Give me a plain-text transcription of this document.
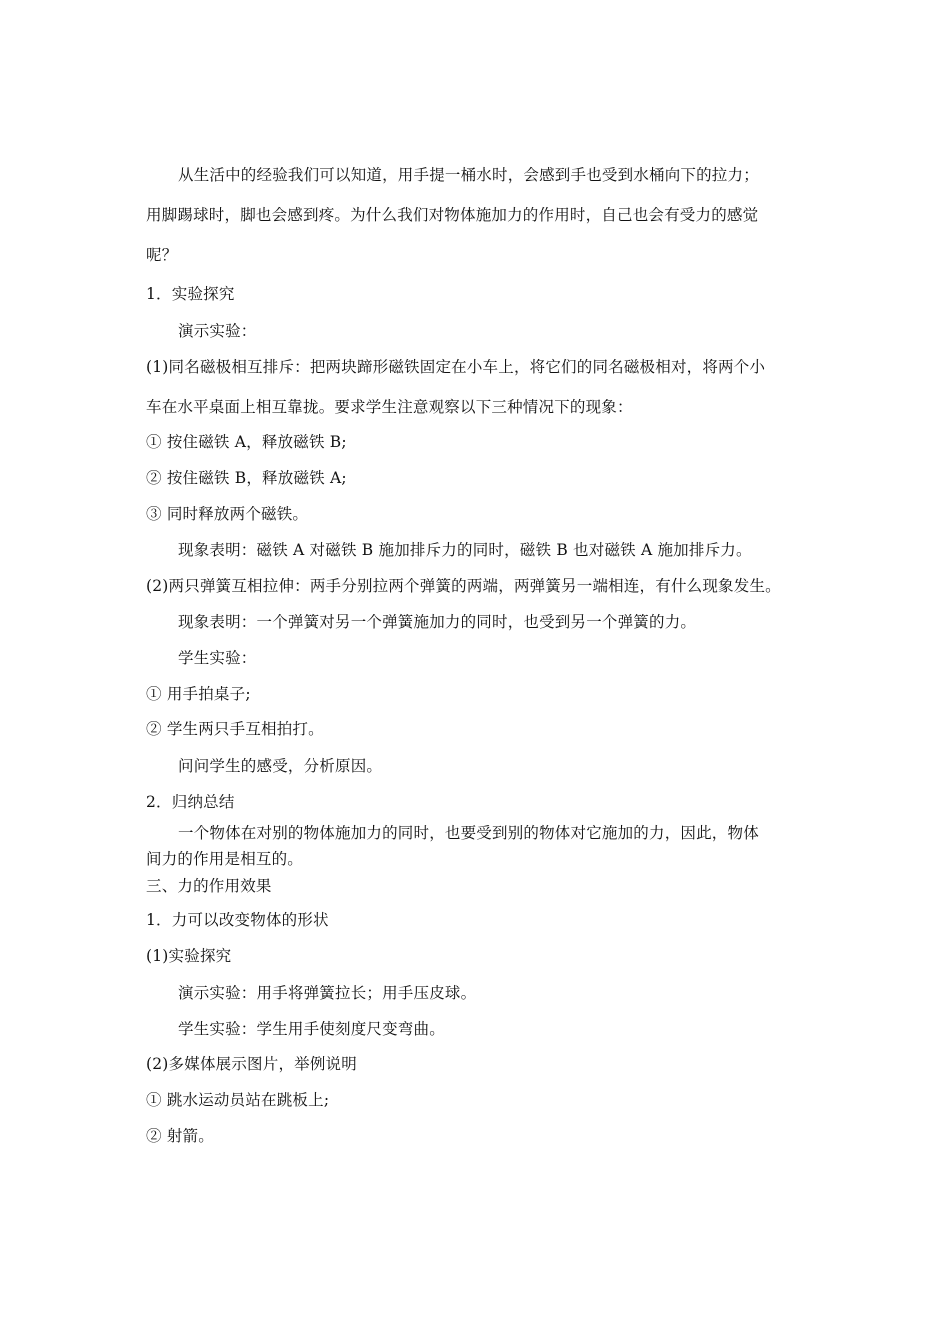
从生活中的经验我们可以知道，用手提一桶水时，会感到手也受到水桶向下的拉力；
用脚踢球时，脚也会感到疼。为什么我们对物体施加力的作用时，自己也会有受力的感觉
呢？
1．实验探究
演示实验：
(1)同名磁极相互排斥：把两块蹄形磁铁固定在小车上，将它们的同名磁极相对，将两个小
车在水平桌面上相互靠拢。要求学生注意观察以下三种情况下的现象：
① 按住磁铁 A，释放磁铁 B;
② 按住磁铁 B，释放磁铁 A;
③ 同时释放两个磁铁。
现象表明：磁铁 A 对磁铁 B 施加排斥力的同时，磁铁 B 也对磁铁 A 施加排斥力。
(2)两只弹簧互相拉伸：两手分别拉两个弹簧的两端，两弹簧另一端相连，有什么现象发生。
现象表明：一个弹簧对另一个弹簧施加力的同时，也受到另一个弹簧的力。
学生实验：
① 用手拍桌子;
② 学生两只手互相拍打。
问问学生的感受，分析原因。
2．归纳总结
一个物体在对别的物体施加力的同时，也要受到别的物体对它施加的力，因此，物体
间力的作用是相互的。
三、力的作用效果
1．力可以改变物体的形状
(1)实验探究
演示实验：用手将弹簧拉长；用手压皮球。
学生实验：学生用手使刻度尺变弯曲。
(2)多媒体展示图片，举例说明
① 跳水运动员站在跳板上;
② 射箭。
